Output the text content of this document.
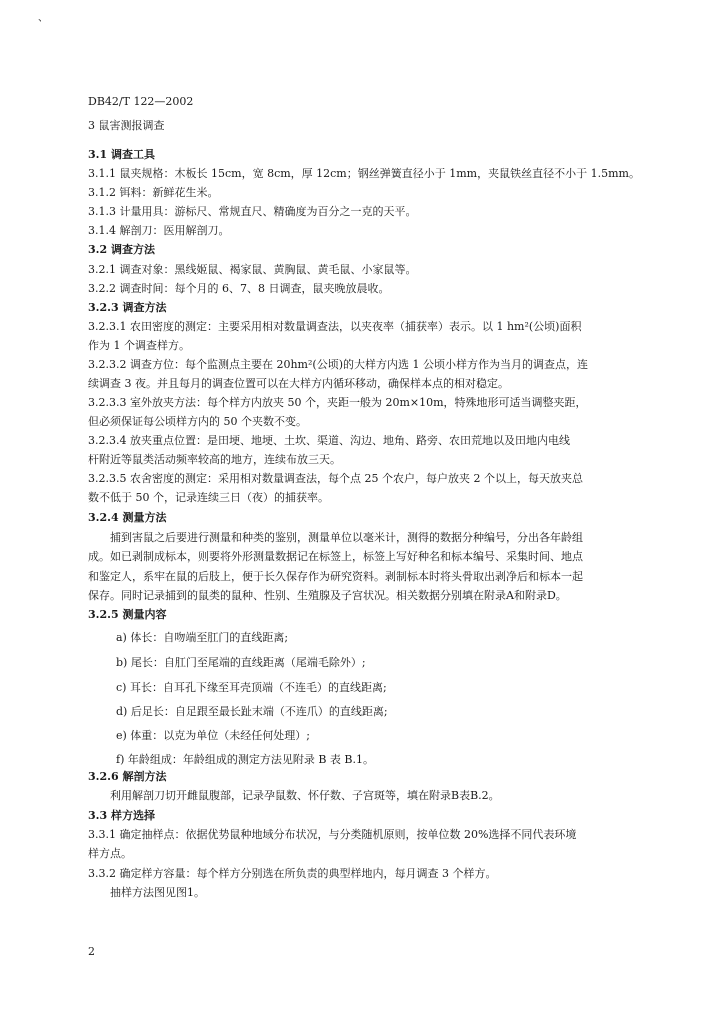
、
DB42/T 122—2002
3 鼠害测报调查
3.1 调查工具
3.1.1 鼠夹规格：木板长 15cm，宽 8cm，厚 12cm；钢丝弹簧直径小于 1mm，夹鼠铁丝直径不小于 1.5mm。
3.1.2 铒料：新鲜花生米。
3.1.3 计量用具：游标尺、常规直尺、精确度为百分之一克的天平。
3.1.4 解剖刀：医用解剖刀。
3.2 调查方法
3.2.1 调查对象：黑线姬鼠、褐家鼠、黄胸鼠、黄毛鼠、小家鼠等。
3.2.2 调查时间：每个月的 6、7、8 日调查，鼠夹晚放晨收。
3.2.3 调查方法
3.2.3.1 农田密度的测定：主要采用相对数量调查法，以夹夜率（捕获率）表示。以 1 hm²(公顷)面积
作为 1 个调查样方。
3.2.3.2 调查方位：每个监测点主要在 20hm²(公顷)的大样方内选 1 公顷小样方作为当月的调查点，连
续调查 3 夜。并且每月的调查位置可以在大样方内循环移动，确保样本点的相对稳定。
3.2.3.3 室外放夹方法：每个样方内放夹 50 个，夹距一般为 20m×10m，特殊地形可适当调整夹距，
但必须保证每公顷样方内的 50 个夹数不变。
3.2.3.4 放夹重点位置：是田埂、地埂、土坎、渠道、沟边、地角、路旁、农田荒地以及田地内电线
杆附近等鼠类活动频率较高的地方，连续布放三天。
3.2.3.5 农舍密度的测定：采用相对数量调查法，每个点 25 个农户，每户放夹 2 个以上，每天放夹总
数不低于 50 个，记录连续三日（夜）的捕获率。
3.2.4 测量方法
捕到害鼠之后要进行测量和种类的鉴别，测量单位以毫米计，测得的数据分种编号，分出各年龄组
成。如已剥制成标本，则要将外形测量数据记在标签上，标签上写好种名和标本编号、采集时间、地点
和鉴定人，系牢在鼠的后肢上，便于长久保存作为研究资料。剥制标本时将头骨取出剥净后和标本一起
保存。同时记录捕到的鼠类的鼠种、性别、生殖腺及子宫状况。相关数据分别填在附录A和附录D。
3.2.5 测量内容
a) 体长：自吻端至肛门的直线距离;
b) 尾长：自肛门至尾端的直线距离（尾端毛除外）;
c) 耳长：自耳孔下缘至耳壳顶端（不连毛）的直线距离;
d) 后足长：自足跟至最长趾末端（不连爪）的直线距离;
e) 体重：以克为单位（未经任何处理）;
f) 年龄组成：年龄组成的测定方法见附录 B 表 B.1。
3.2.6 解剖方法
利用解剖刀切开雌鼠腹部，记录孕鼠数、怀仔数、子宫斑等，填在附录B表B.2。
3.3 样方选择
3.3.1 确定抽样点：依据优势鼠种地域分布状况，与分类随机原则，按单位数 20%选择不同代表环境
样方点。
3.3.2 确定样方容量：每个样方分别选在所负责的典型样地内，每月调查 3 个样方。
抽样方法图见图1。
2
